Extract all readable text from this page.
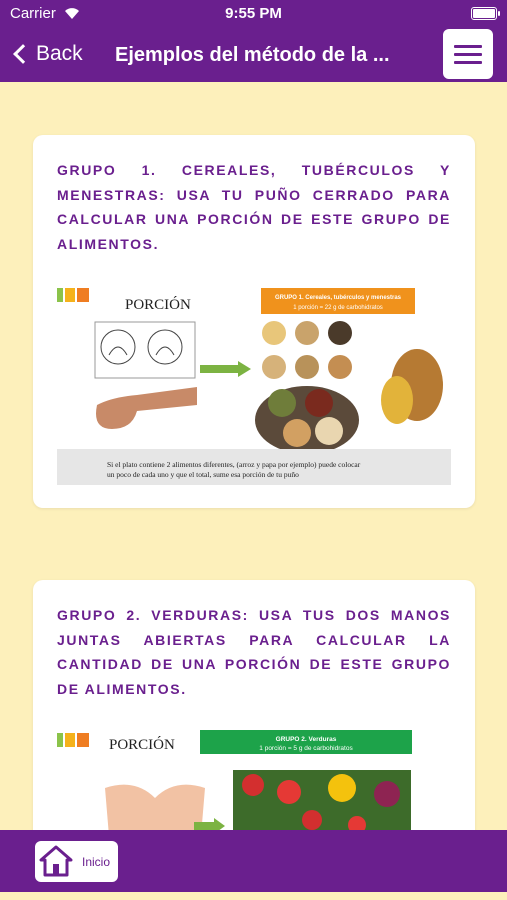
Carrier	9:55 PM
Back Ejemplos del método de la ...
GRUPO 1. CEREALES, TUBÉRCULOS Y MENESTRAS: USA TU PUÑO CERRADO PARA CALCULAR UNA PORCIÓN DE ESTE GRUPO DE ALIMENTOS.
PORCIÓN	GRUPO 1. Cereales, tubérculos y menestras
1 porción = 22 g de carbohidratos
Si el plato contiene 2 alimentos diferentes, (arroz y papa por ejemplo) puede colocar
un poco de cada uno y que el total, sume esa porción de tu puño
GRUPO 2. VERDURAS: USA TUS DOS MANOS JUNTAS ABIERTAS PARA CALCULAR LA CANTIDAD DE UNA PORCIÓN DE ESTE GRUPO DE ALIMENTOS.
PORCIÓN	GRUPO 2. Verduras
1 porción = 5 g de carbohidratos
Inicio
